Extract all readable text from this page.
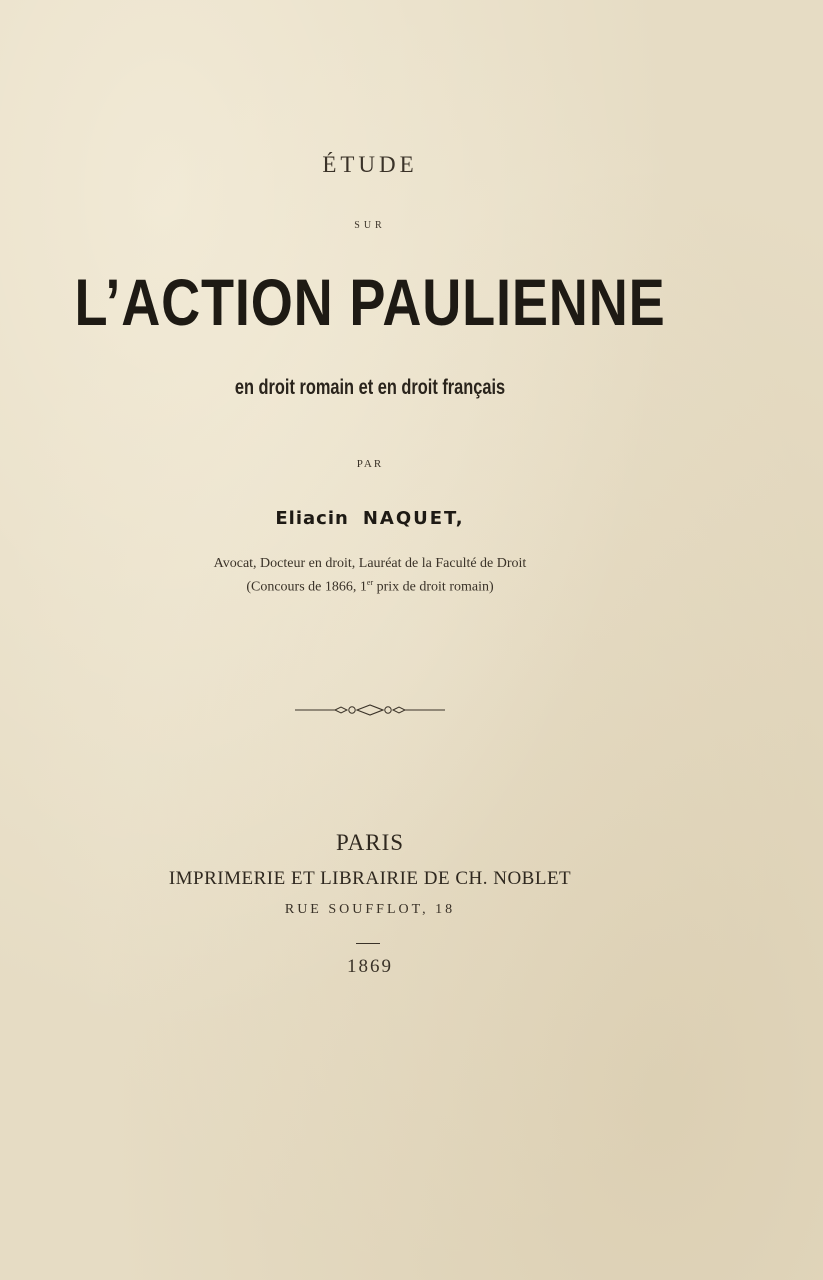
ÉTUDE
SUR
L’ACTION PAULIENNE
en droit romain et en droit français
PAR
Eliacin NAQUET,
Avocat, Docteur en droit, Lauréat de la Faculté de Droit
(Concours de 1866, 1er prix de droit romain)
PARIS
IMPRIMERIE ET LIBRAIRIE DE CH. NOBLET
RUE SOUFFLOT, 18
1869
